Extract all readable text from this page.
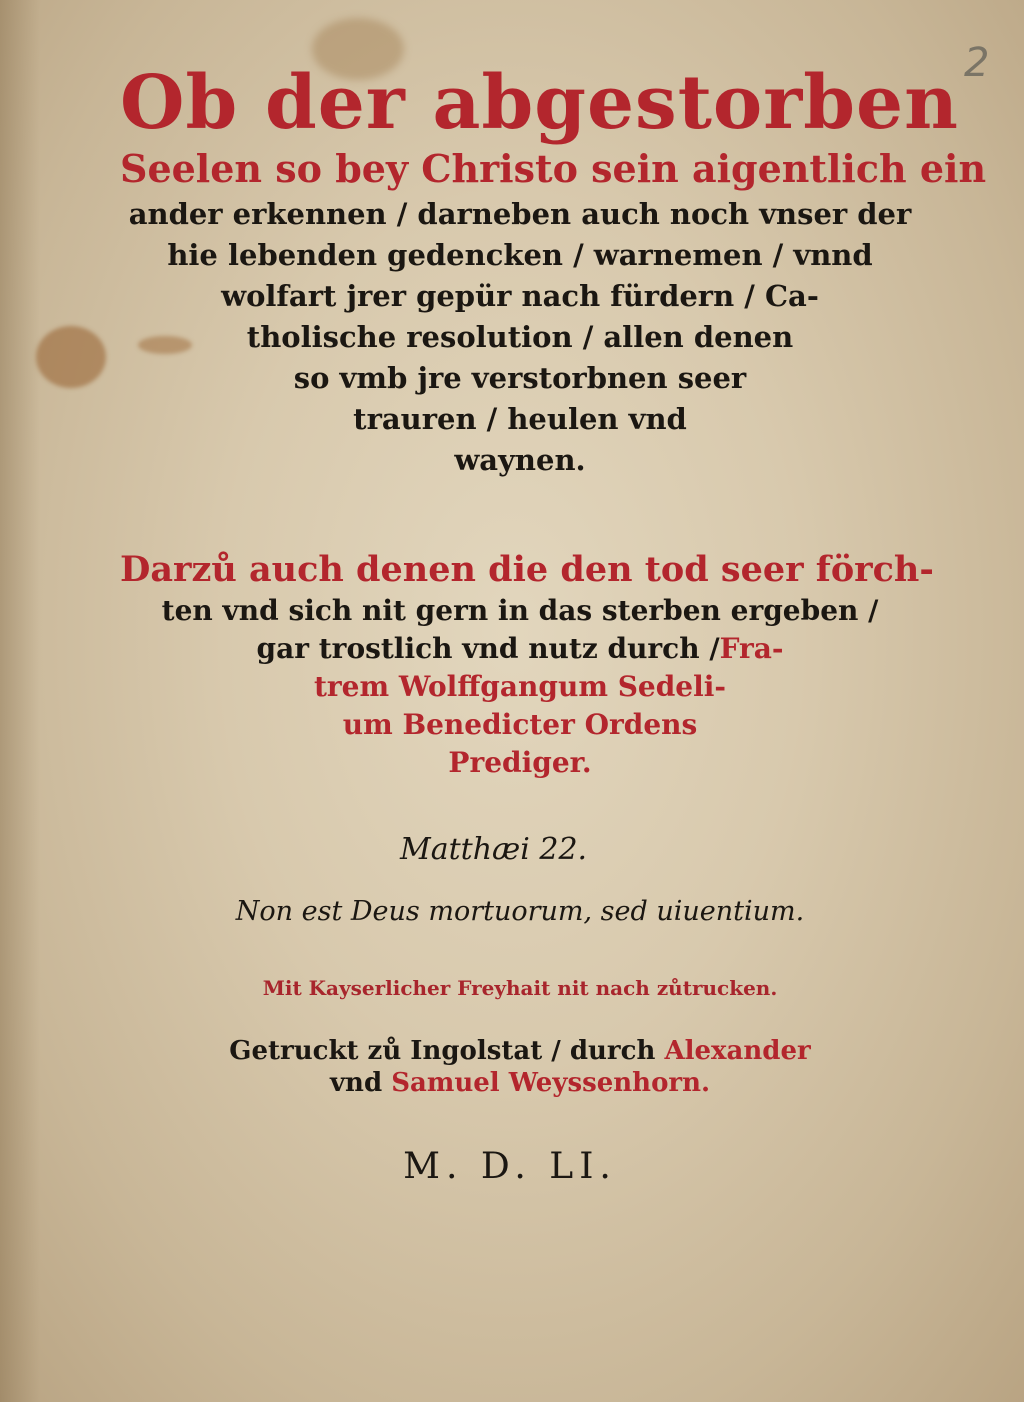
2
Ob der abgestorben
Seelen so bey Christo sein aigentlich ein
ander erkennen / darneben auch noch vnser der
hie lebenden gedencken / warnemen / vnnd
wolfart jrer gepür nach fürdern / Ca-
tholische resolution / allen denen
so vmb jre verstorbnen seer
trauren / heulen vnd
waynen.
Darzů auch denen die den tod seer förch-
ten vnd sich nit gern in das sterben ergeben /
gar trostlich vnd nutz durch /Fra-
trem Wolffgangum Sedeli-
um Benedicter Ordens
Prediger.
Matthæi 22.
Non est Deus mortuorum, sed uiuentium.
Mit Kayserlicher Freyhait nit nach zůtrucken.
Getruckt zů Ingolstat / durch Alexander
vnd Samuel Weyssenhorn.
M. D. LI.
